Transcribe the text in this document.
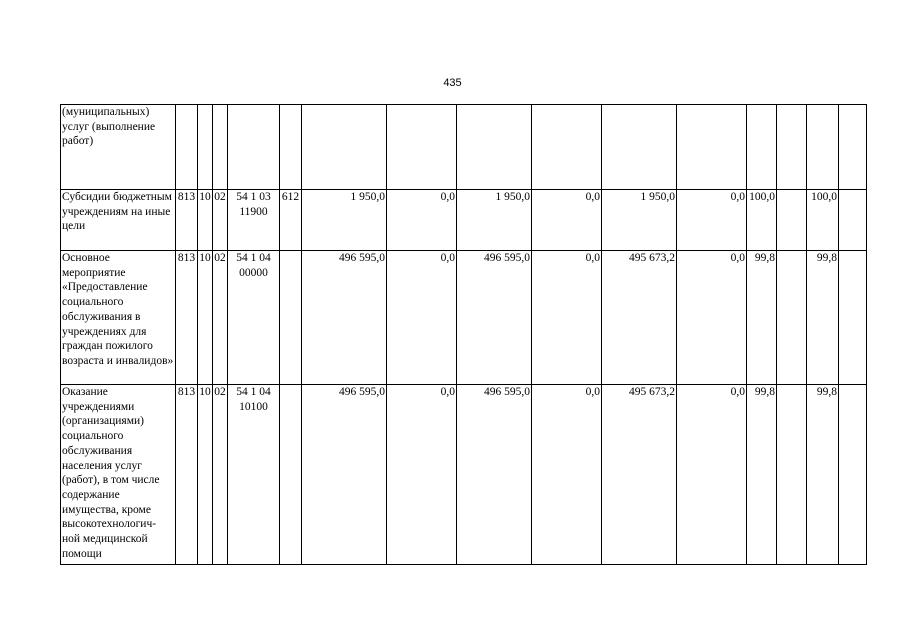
435
(муниципальных) услуг (выполнение работ)															
Субсидии бюджетным учреждениям на иные цели	813	10	02	54 1 03 11900	612	1 950,0	0,0	1 950,0	0,0	1 950,0	0,0	100,0		100,0	
Основное мероприятие «Предоставление социального обслуживания в учреждениях для граждан пожилого возраста и инвалидов»	813	10	02	54 1 04 00000		496 595,0	0,0	496 595,0	0,0	495 673,2	0,0	99,8		99,8	
Оказание учреждениями (организациями) социального обслуживания населения услуг (работ), в том числе содержание имущества, кроме высокотехнологич-ной медицинской помощи	813	10	02	54 1 04 10100		496 595,0	0,0	496 595,0	0,0	495 673,2	0,0	99,8		99,8	
